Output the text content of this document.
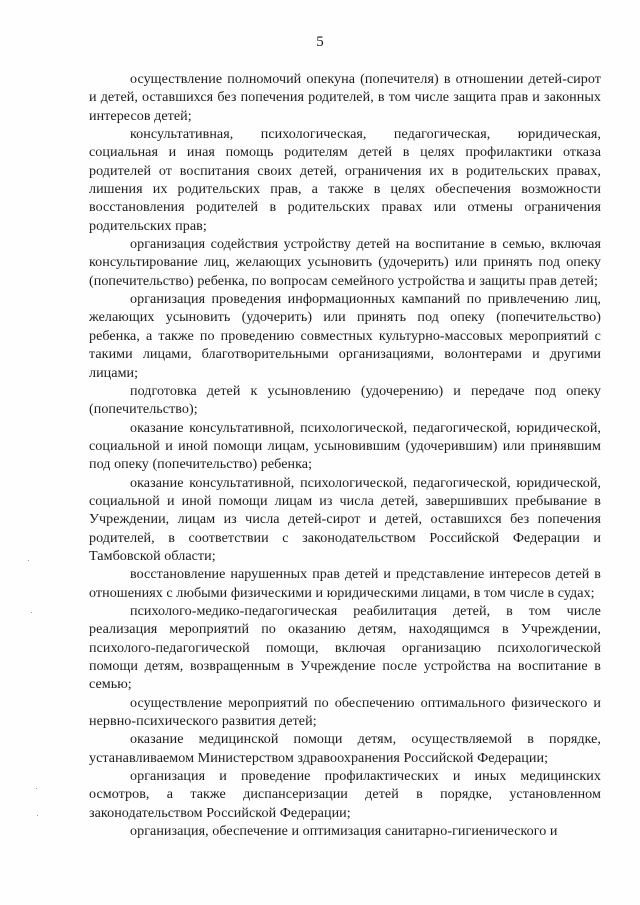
5

осуществление полномочий опекуна (попечителя) в отношении детей-сирот и детей, оставшихся без попечения родителей, в том числе защита прав и законных интересов детей;

консультативная, психологическая, педагогическая, юридическая, социальная и иная помощь родителям детей в целях профилактики отказа родителей от воспитания своих детей, ограничения их в родительских правах, лишения их родительских прав, а также в целях обеспечения возможности восстановления родителей в родительских правах или отмены ограничения родительских прав;

организация содействия устройству детей на воспитание в семью, включая консультирование лиц, желающих усыновить (удочерить) или принять под опеку (попечительство) ребенка, по вопросам семейного устройства и защиты прав детей;

организация проведения информационных кампаний по привлечению лиц, желающих усыновить (удочерить) или принять под опеку (попечительство) ребенка, а также по проведению совместных культурно-массовых мероприятий с такими лицами, благотворительными организациями, волонтерами и другими лицами;

подготовка детей к усыновлению (удочерению) и передаче под опеку (попечительство);

оказание консультативной, психологической, педагогической, юридической, социальной и иной помощи лицам, усыновившим (удочерившим) или принявшим под опеку (попечительство) ребенка;

оказание консультативной, психологической, педагогической, юридической, социальной и иной помощи лицам из числа детей, завершивших пребывание в Учреждении, лицам из числа детей-сирот и детей, оставшихся без попечения родителей, в соответствии с законодательством Российской Федерации и Тамбовской области;

восстановление нарушенных прав детей и представление интересов детей в отношениях с любыми физическими и юридическими лицами, в том числе в судах;

психолого-медико-педагогическая реабилитация детей, в том числе реализация мероприятий по оказанию детям, находящимся в Учреждении, психолого-педагогической помощи, включая организацию психологической помощи детям, возвращенным в Учреждение после устройства на воспитание в семью;

осуществление мероприятий по обеспечению оптимального физического и нервно-психического развития детей;

оказание медицинской помощи детям, осуществляемой в порядке, устанавливаемом Министерством здравоохранения Российской Федерации;

организация и проведение профилактических и иных медицинских осмотров, а также диспансеризации детей в порядке, установленном законодательством Российской Федерации;

организация, обеспечение и оптимизация санитарно-гигиенического и
